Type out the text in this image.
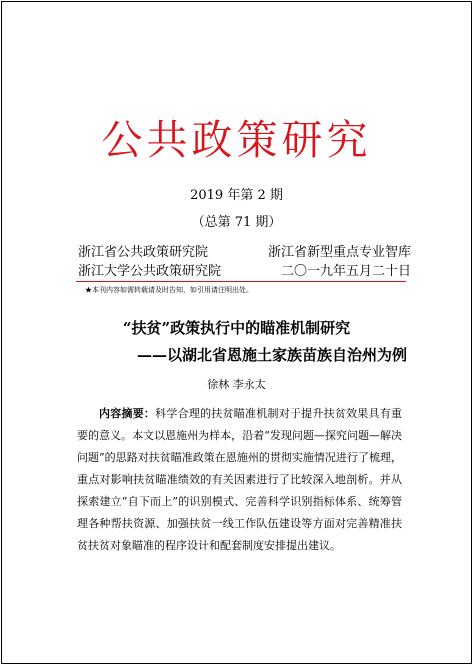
公共政策研究
2019 年第 2 期
（总第 71 期）
浙江省公共政策研究院	浙江省新型重点专业智库
浙江大学公共政策研究院	二〇一九年五月二十日
★本刊内容如需转载请及时告知，如引用请注明出处。
“扶贫”政策执行中的瞄准机制研究
——以湖北省恩施土家族苗族自治州为例
徐林 李永太
内容摘要：科学合理的扶贫瞄准机制对于提升扶贫效果具有重要的意义。本文以恩施州为样本，沿着“发现问题—探究问题—解决问题”的思路对扶贫瞄准政策在恩施州的贯彻实施情况进行了梳理，重点对影响扶贫瞄准绩效的有关因素进行了比较深入地剖析。并从探索建立“自下而上”的识别模式、完善科学识别指标体系、统筹管理各种帮扶资源、加强扶贫一线工作队伍建设等方面对完善精准扶贫扶贫对象瞄准的程序设计和配套制度安排提出建议。
